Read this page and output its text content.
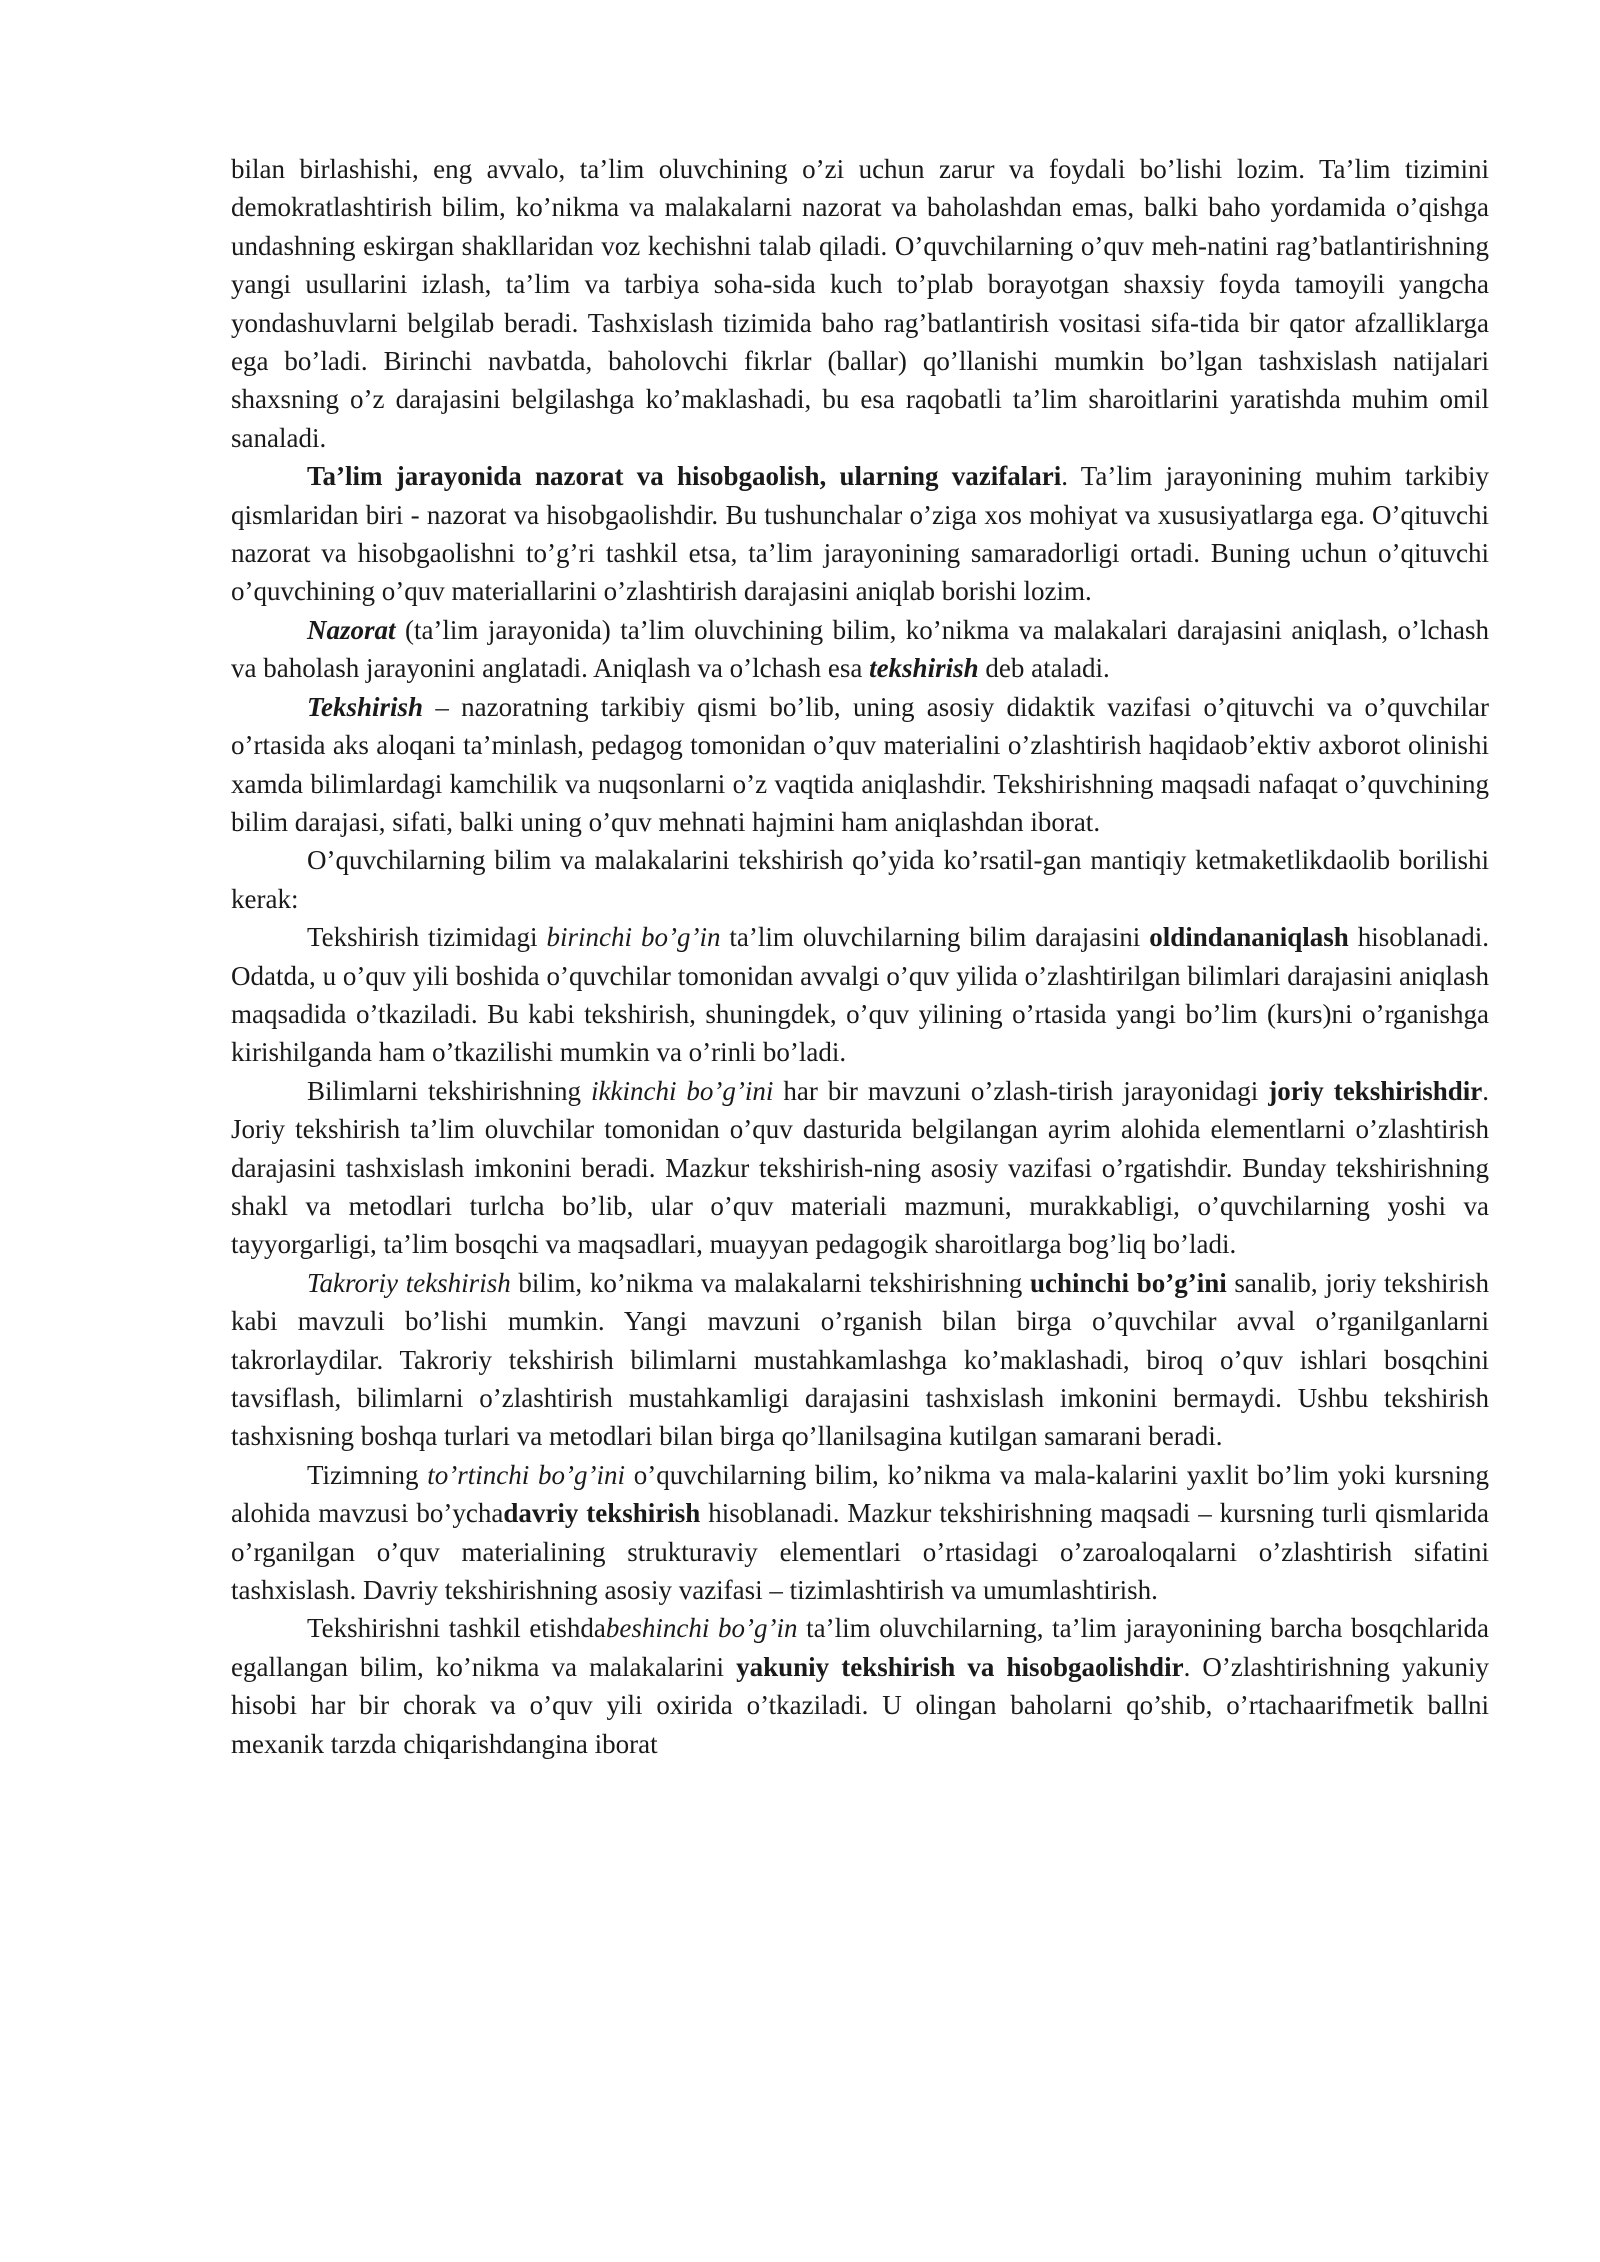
bilan birlashishi, eng avvalo, ta’lim oluvchining o’zi uchun zarur va foydali bo’lishi lozim. Ta’lim tizimini demokratlashtirish bilim, ko’nikma va malakalarni nazorat va baholashdan emas, balki baho yordamida o’qishga undashning eskirgan shakllaridan voz kechishni talab qiladi. O’quvchilarning o’quv meh-natini rag’batlantirishning yangi usullarini izlash, ta’lim va tarbiya soha-sida kuch to’plab borayotgan shaxsiy foyda tamoyili yangcha yondashuvlarni belgilab beradi. Tashxislash tizimida baho rag’batlantirish vositasi sifa-tida bir qator afzalliklarga ega bo’ladi. Birinchi navbatda, baholovchi fikrlar (ballar) qo’llanishi mumkin bo’lgan tashxislash natijalari shaxsning o’z darajasini belgilashga ko’maklashadi, bu esa raqobatli ta’lim sharoitlarini yaratishda muhim omil sanaladi.

Ta’lim jarayonida nazorat va hisobgaolish, ularning vazifalari. Ta’lim jarayonining muhim tarkibiy qismlaridan biri - nazorat va hisobgaolishdir. Bu tushunchalar o’ziga xos mohiyat va xususiyatlarga ega. O’qituvchi nazorat va hisobgaolishni to’g’ri tashkil etsa, ta’lim jarayonining samaradorligi ortadi. Buning uchun o’qituvchi o’quvchining o’quv materiallarini o’zlashtirish darajasini aniqlab borishi lozim.

Nazorat (ta’lim jarayonida) ta’lim oluvchining bilim, ko’nikma va malakalari darajasini aniqlash, o’lchash va baholash jarayonini anglatadi. Aniqlash va o’lchash esa tekshirish deb ataladi.

Tekshirish – nazoratning tarkibiy qismi bo’lib, uning asosiy didaktik vazifasi o’qituvchi va o’quvchilar o’rtasida aks aloqani ta’minlash, pedagog tomonidan o’quv materialini o’zlashtirish haqidaob’ektiv axborot olinishi xamda bilimlardagi kamchilik va nuqsonlarni o’z vaqtida aniqlashdir. Tekshirishning maqsadi nafaqat o’quvchining bilim darajasi, sifati, balki uning o’quv mehnati hajmini ham aniqlashdan iborat.

O’quvchilarning bilim va malakalarini tekshirish qo’yida ko’rsatil-gan mantiqiy ketmaketlikdaolib borilishi kerak:

Tekshirish tizimidagi birinchi bo’g’in ta’lim oluvchilarning bilim darajasini oldindananiqlash hisoblanadi. Odatda, u o’quv yili boshida o’quvchilar tomonidan avvalgi o’quv yilida o’zlashtirilgan bilimlari darajasini aniqlash maqsadida o’tkaziladi. Bu kabi tekshirish, shuningdek, o’quv yilining o’rtasida yangi bo’lim (kurs)ni o’rganishga kirishilganda ham o’tkazilishi mumkin va o’rinli bo’ladi.

Bilimlarni tekshirishning ikkinchi bo’g’ini har bir mavzuni o’zlash-tirish jarayonidagi joriy tekshirishdir. Joriy tekshirish ta’lim oluvchilar tomonidan o’quv dasturida belgilangan ayrim alohida elementlarni o’zlashtirish darajasini tashxislash imkonini beradi. Mazkur tekshirish-ning asosiy vazifasi o’rgatishdir. Bunday tekshirishning shakl va metodlari turlcha bo’lib, ular o’quv materiali mazmuni, murakkabligi, o’quvchilarning yoshi va tayyorgarligi, ta’lim bosqchi va maqsadlari, muayyan pedagogik sharoitlarga bog’liq bo’ladi.

Takroriy tekshirish bilim, ko’nikma va malakalarni tekshirishning uchinchi bo’g’ini sanalib, joriy tekshirish kabi mavzuli bo’lishi mumkin. Yangi mavzuni o’rganish bilan birga o’quvchilar avval o’rganilganlarni takrorlaydilar. Takroriy tekshirish bilimlarni mustahkamlashga ko’maklashadi, biroq o’quv ishlari bosqchini tavsiflash, bilimlarni o’zlashtirish mustahkamligi darajasini tashxislash imkonini bermaydi. Ushbu tekshirish tashxisning boshqa turlari va metodlari bilan birga qo’llanilsagina kutilgan samarani beradi.

Tizimning to’rtinchi bo’g’ini o’quvchilarning bilim, ko’nikma va mala-kalarini yaxlit bo’lim yoki kursning alohida mavzusi bo’ychadavriy tekshirish hisoblanadi. Mazkur tekshirishning maqsadi – kursning turli qismlarida o’rganilgan o’quv materialining strukturaviy elementlari o’rtasidagi o’zaroaloqalarni o’zlashtirish sifatini tashxislash. Davriy tekshirishning asosiy vazifasi – tizimlashtirish va umumlashtirish.

Tekshirishni tashkil etishdabeshinchi bo’g’in ta’lim oluvchilarning, ta’lim jarayonining barcha bosqchlarida egallangan bilim, ko’nikma va malakalarini yakuniy tekshirish va hisobgaolishdir. O’zlashtirishning yakuniy hisobi har bir chorak va o’quv yili oxirida o’tkaziladi. U olingan baholarni qo’shib, o’rtachaarifmetik ballni mexanik tarzda chiqarishdangina iborat
